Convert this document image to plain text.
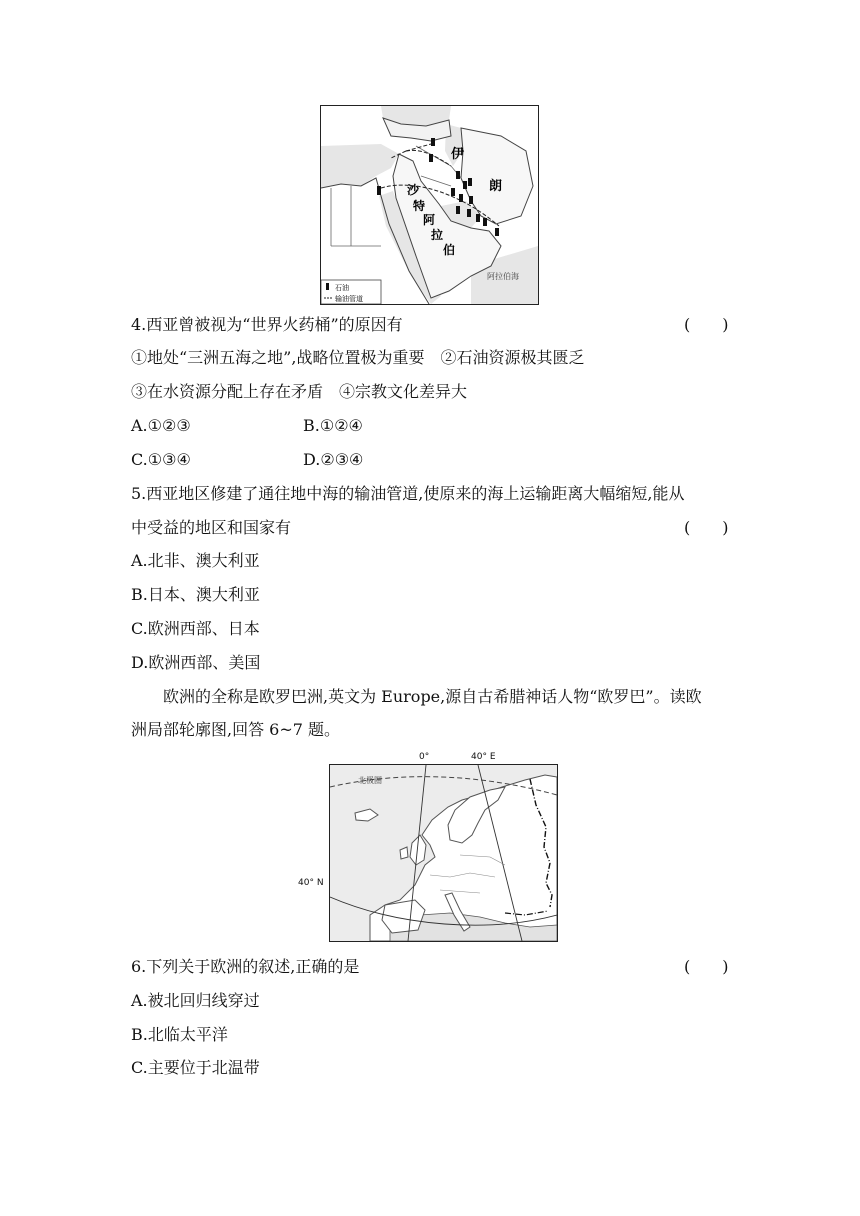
伊
朗
沙
特
阿
拉
伯
阿拉伯海
石油
输油管道
4.西亚曾被视为“世界火药桶”的原因有	(　　)
①地处“三洲五海之地”,战略位置极为重要　②石油资源极其匮乏
③在水资源分配上存在矛盾　④宗教文化差异大
A.①②③	B.①②④
C.①③④	D.②③④
5.西亚地区修建了通往地中海的输油管道,使原来的海上运输距离大幅缩短,能从
中受益的地区和国家有	(　　)
A.北非、澳大利亚
B.日本、澳大利亚
C.欧洲西部、日本
D.欧洲西部、美国
欧洲的全称是欧罗巴洲,英文为 Europe,源自古希腊神话人物“欧罗巴”。读欧
洲局部轮廓图,回答 6~7 题。
0°	40° E
40° N
北极圈
6.下列关于欧洲的叙述,正确的是	(　　)
A.被北回归线穿过
B.北临太平洋
C.主要位于北温带
